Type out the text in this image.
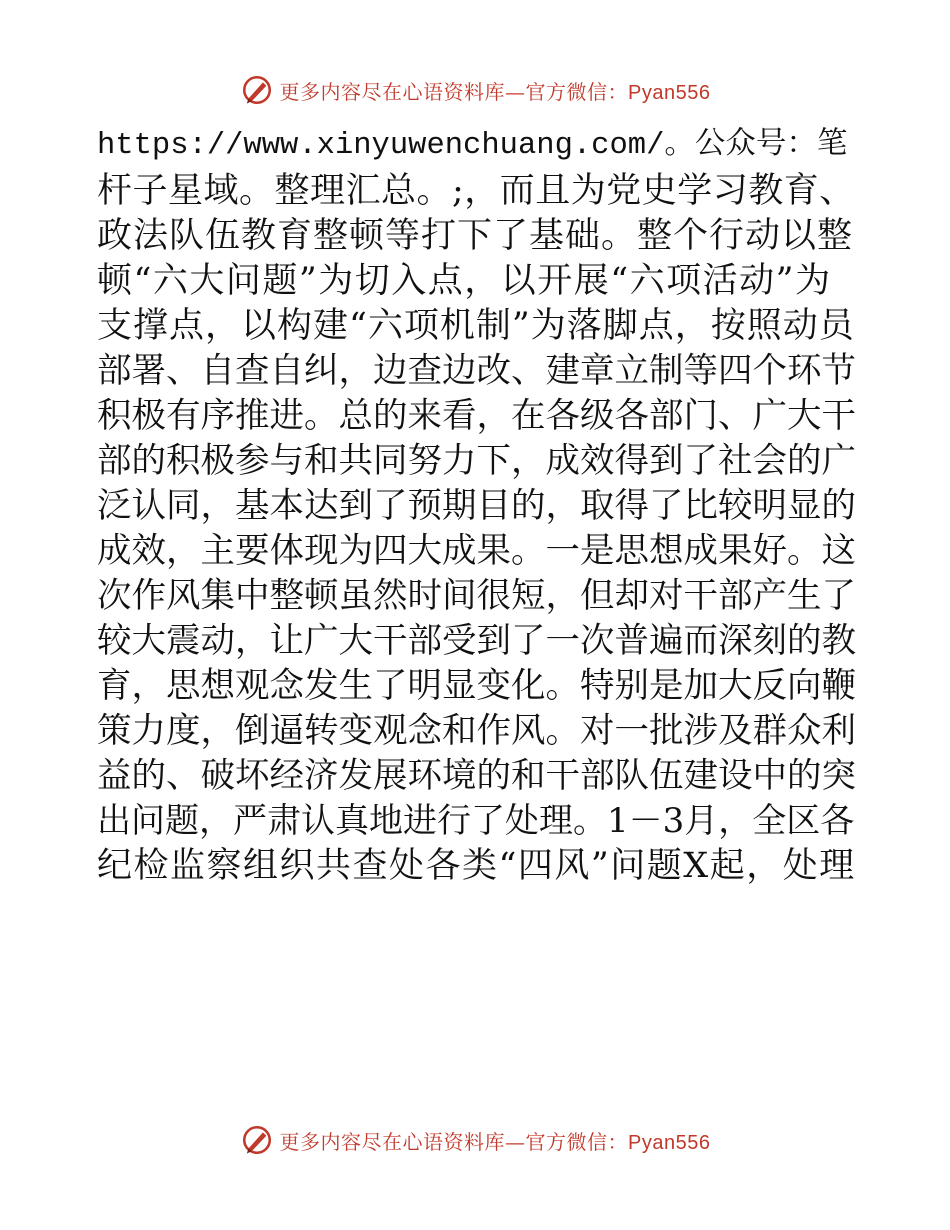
更多内容尽在心语资料库—官方微信：Pyan556

https://www.xinyuwenchuang.com/。公众号：笔

杆子星域。整理汇总。;，而且为党史学习教育、

政法队伍教育整顿等打下了基础。整个行动以整

顿“六大问题”为切入点，以开展“六项活动”为

支撑点，以构建“六项机制”为落脚点，按照动员

部署、自查自纠，边查边改、建章立制等四个环节

积极有序推进。总的来看，在各级各部门、广大干

部的积极参与和共同努力下，成效得到了社会的广

泛认同，基本达到了预期目的，取得了比较明显的

成效，主要体现为四大成果。一是思想成果好。这

次作风集中整顿虽然时间很短，但却对干部产生了

较大震动，让广大干部受到了一次普遍而深刻的教

育，思想观念发生了明显变化。特别是加大反向鞭

策力度，倒逼转变观念和作风。对一批涉及群众利

益的、破坏经济发展环境的和干部队伍建设中的突

出问题，严肃认真地进行了处理。1－3月，全区各

纪检监察组织共查处各类“四风”问题X起，处理

更多内容尽在心语资料库—官方微信：Pyan556
